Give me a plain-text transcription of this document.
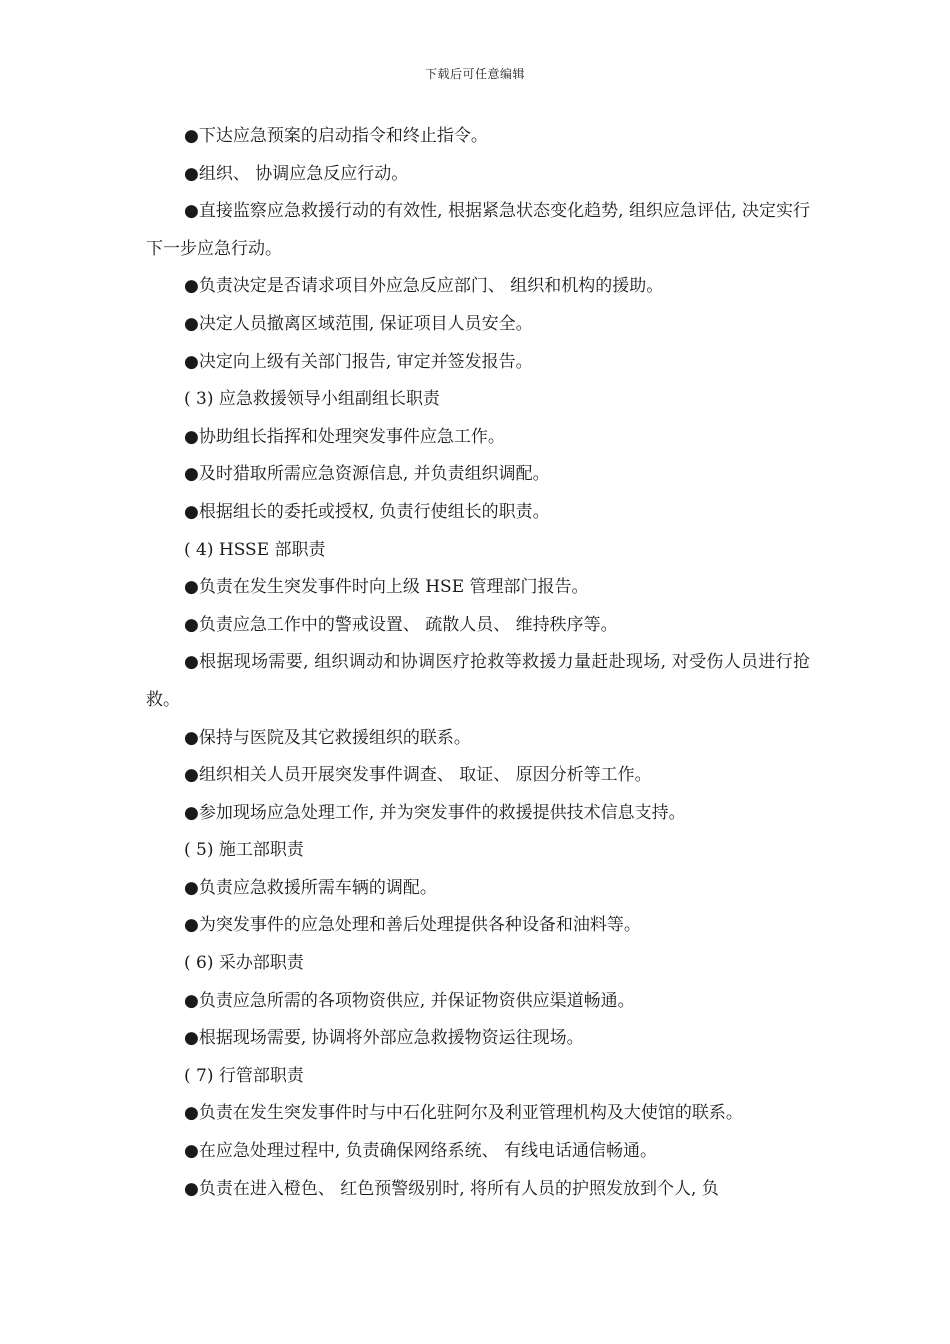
下载后可任意编辑

●下达应急预案的启动指令和终止指令。

●组织、 协调应急反应行动。

●直接监察应急救援行动的有效性, 根据紧急状态变化趋势, 组织应急评估, 决定实行下一步应急行动。

●负责决定是否请求项目外应急反应部门、 组织和机构的援助。

●决定人员撤离区域范围, 保证项目人员安全。

●决定向上级有关部门报告, 审定并签发报告。

( 3) 应急救援领导小组副组长职责

●协助组长指挥和处理突发事件应急工作。

●及时猎取所需应急资源信息, 并负责组织调配。

●根据组长的委托或授权, 负责行使组长的职责。

( 4) HSSE 部职责

●负责在发生突发事件时向上级 HSE 管理部门报告。

●负责应急工作中的警戒设置、 疏散人员、 维持秩序等。

●根据现场需要, 组织调动和协调医疗抢救等救援力量赶赴现场, 对受伤人员进行抢救。

●保持与医院及其它救援组织的联系。

●组织相关人员开展突发事件调查、 取证、 原因分析等工作。

●参加现场应急处理工作, 并为突发事件的救援提供技术信息支持。

( 5) 施工部职责

●负责应急救援所需车辆的调配。

●为突发事件的应急处理和善后处理提供各种设备和油料等。

( 6) 采办部职责

●负责应急所需的各项物资供应, 并保证物资供应渠道畅通。

●根据现场需要, 协调将外部应急救援物资运往现场。

( 7) 行管部职责

●负责在发生突发事件时与中石化驻阿尔及利亚管理机构及大使馆的联系。

●在应急处理过程中, 负责确保网络系统、 有线电话通信畅通。

●负责在进入橙色、 红色预警级别时, 将所有人员的护照发放到个人, 负
